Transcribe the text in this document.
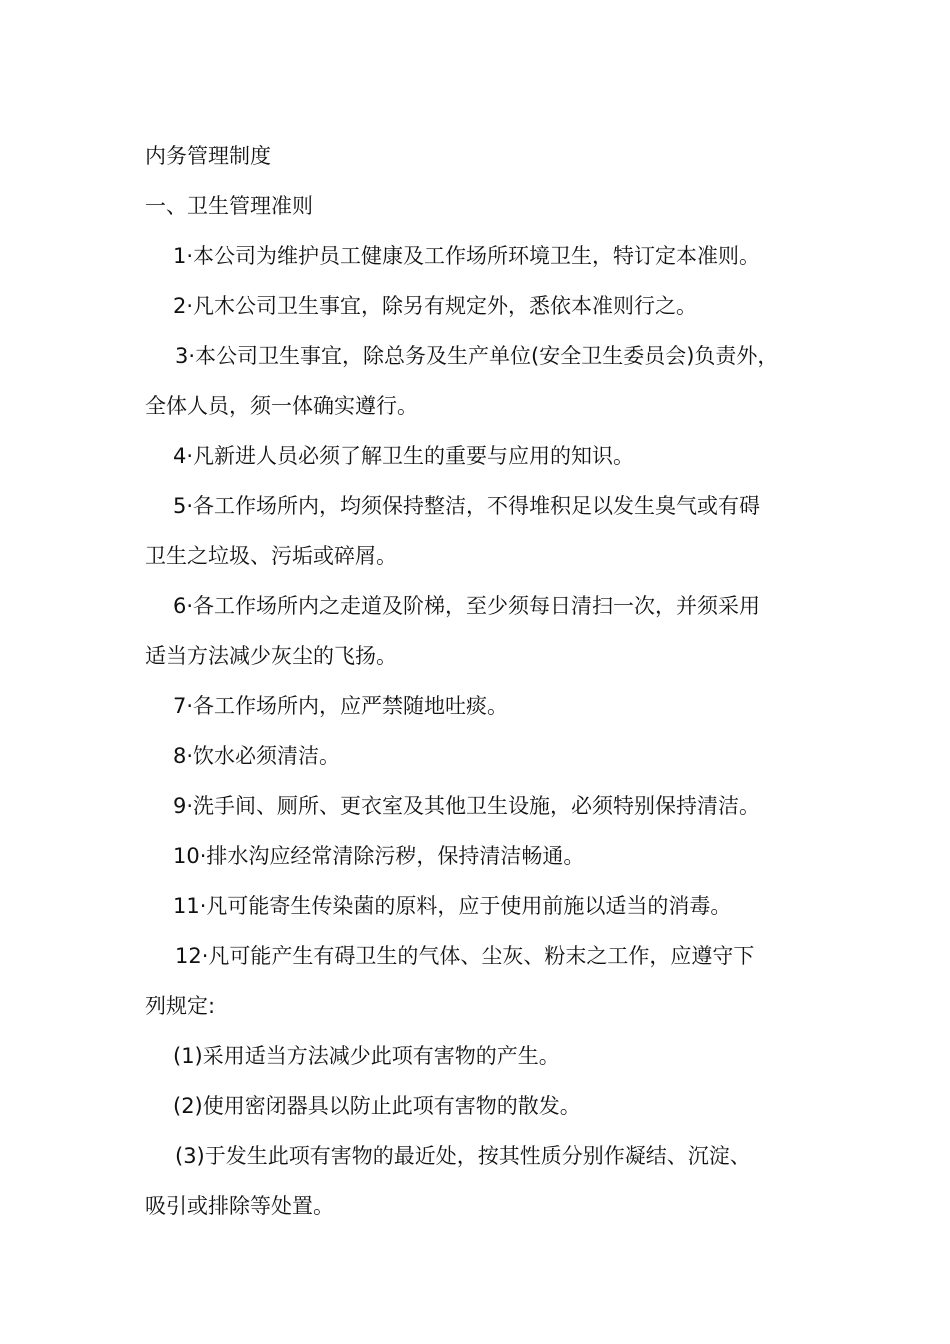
内务管理制度
一、卫生管理准则
1·本公司为维护员工健康及工作场所环境卫生，特订定本准则。
2·凡木公司卫生事宜，除另有规定外，悉依本准则行之。
3·本公司卫生事宜，除总务及生产单位(安全卫生委员会)负责外，
全体人员，须一体确实遵行。
4·凡新进人员必须了解卫生的重要与应用的知识。
5·各工作场所内，均须保持整洁，不得堆积足以发生臭气或有碍
卫生之垃圾、污垢或碎屑。
6·各工作场所内之走道及阶梯，至少须每日清扫一次，并须采用
适当方法减少灰尘的飞扬。
7·各工作场所内，应严禁随地吐痰。
8·饮水必须清洁。
9·洗手间、厕所、更衣室及其他卫生设施，必须特别保持清洁。
10·排水沟应经常清除污秽，保持清洁畅通。
11·凡可能寄生传染菌的原料，应于使用前施以适当的消毒。
12·凡可能产生有碍卫生的气体、尘灰、粉末之工作，应遵守下
列规定:
(1)采用适当方法减少此项有害物的产生。
(2)使用密闭器具以防止此项有害物的散发。
(3)于发生此项有害物的最近处，按其性质分别作凝结、沉淀、
吸引或排除等处置。
